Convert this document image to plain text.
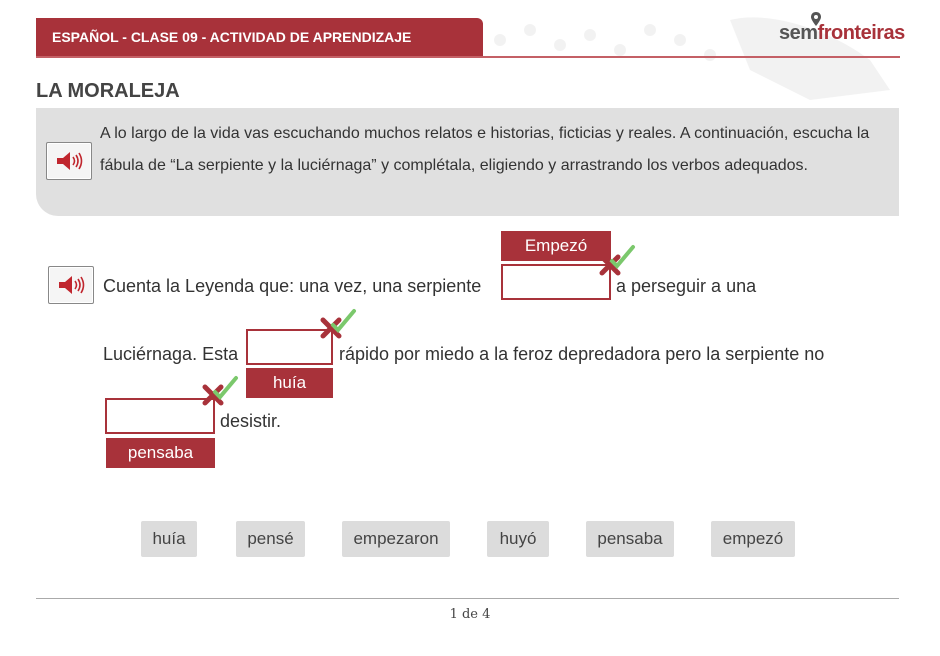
ESPAÑOL - CLASE 09 - ACTIVIDAD DE APRENDIZAJE	semfronteiras
LA MORALEJA
A lo largo de la vida vas escuchando muchos relatos e historias, ficticias y reales. A continuación, escucha la fábula de “La serpiente y la luciérnaga” y complétala, eligiendo y arrastrando los verbos adequados.
Cuenta la Leyenda que: una vez, una serpiente
Empezó
a perseguir a una
Luciérnaga. Esta
huía
rápido por miedo a la feroz depredadora pero la serpiente no
pensaba
desistir.
huía	pensé	empezaron	huyó	pensaba	empezó
1 de 4
